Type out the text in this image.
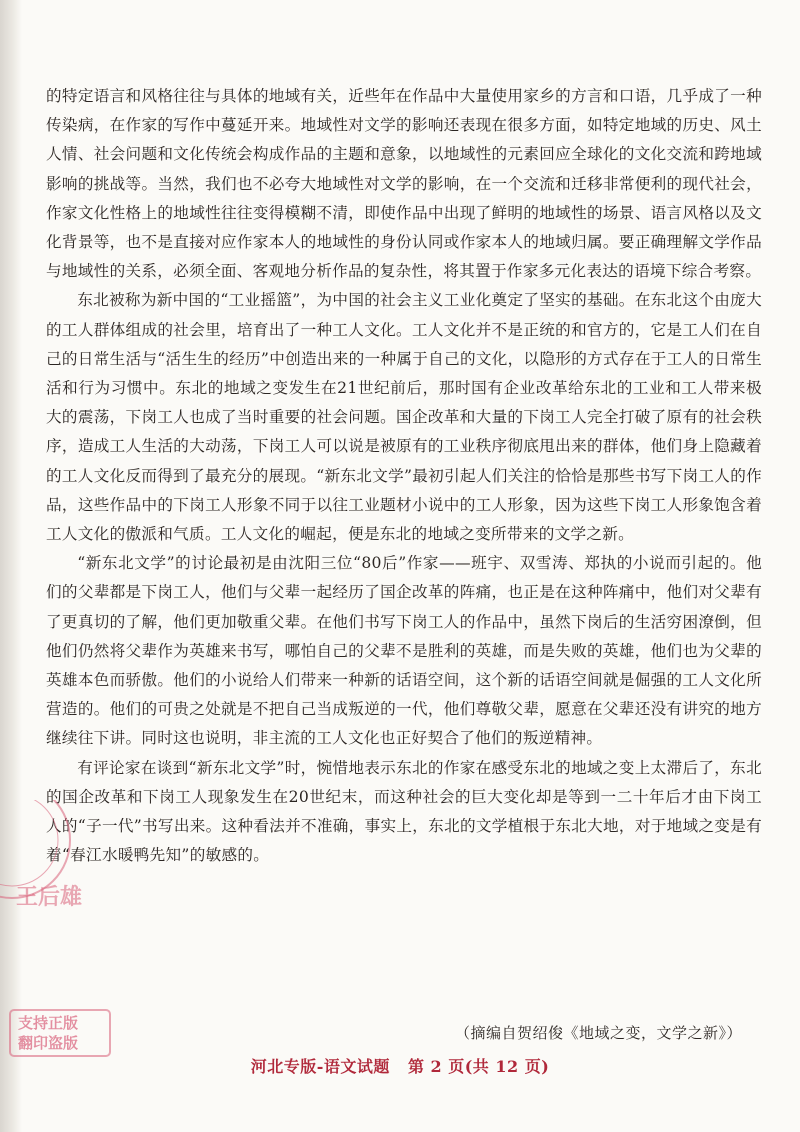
的特定语言和风格往往与具体的地域有关，近些年在作品中大量使用家乡的方言和口语，几乎成了一种传染病，在作家的写作中蔓延开来。地域性对文学的影响还表现在很多方面，如特定地域的历史、风土人情、社会问题和文化传统会构成作品的主题和意象，以地域性的元素回应全球化的文化交流和跨地域影响的挑战等。当然，我们也不必夸大地域性对文学的影响，在一个交流和迁移非常便利的现代社会，作家文化性格上的地域性往往变得模糊不清，即使作品中出现了鲜明的地域性的场景、语言风格以及文化背景等，也不是直接对应作家本人的地域性的身份认同或作家本人的地域归属。要正确理解文学作品与地域性的关系，必须全面、客观地分析作品的复杂性，将其置于作家多元化表达的语境下综合考察。

东北被称为新中国的“工业摇篮”，为中国的社会主义工业化奠定了坚实的基础。在东北这个由庞大的工人群体组成的社会里，培育出了一种工人文化。工人文化并不是正统的和官方的，它是工人们在自己的日常生活与“活生生的经历”中创造出来的一种属于自己的文化，以隐形的方式存在于工人的日常生活和行为习惯中。东北的地域之变发生在21世纪前后，那时国有企业改革给东北的工业和工人带来极大的震荡，下岗工人也成了当时重要的社会问题。国企改革和大量的下岗工人完全打破了原有的社会秩序，造成工人生活的大动荡，下岗工人可以说是被原有的工业秩序彻底甩出来的群体，他们身上隐藏着的工人文化反而得到了最充分的展现。“新东北文学”最初引起人们关注的恰恰是那些书写下岗工人的作品，这些作品中的下岗工人形象不同于以往工业题材小说中的工人形象，因为这些下岗工人形象饱含着工人文化的傲派和气质。工人文化的崛起，便是东北的地域之变所带来的文学之新。

“新东北文学”的讨论最初是由沈阳三位“80后”作家——班宇、双雪涛、郑执的小说而引起的。他们的父辈都是下岗工人，他们与父辈一起经历了国企改革的阵痛，也正是在这种阵痛中，他们对父辈有了更真切的了解，他们更加敬重父辈。在他们书写下岗工人的作品中，虽然下岗后的生活穷困潦倒，但他们仍然将父辈作为英雄来书写，哪怕自己的父辈不是胜利的英雄，而是失败的英雄，他们也为父辈的英雄本色而骄傲。他们的小说给人们带来一种新的话语空间，这个新的话语空间就是倔强的工人文化所营造的。他们的可贵之处就是不把自己当成叛逆的一代，他们尊敬父辈，愿意在父辈还没有讲究的地方继续往下讲。同时这也说明，非主流的工人文化也正好契合了他们的叛逆精神。

有评论家在谈到“新东北文学”时，惋惜地表示东北的作家在感受东北的地域之变上太滞后了，东北的国企改革和下岗工人现象发生在20世纪末，而这种社会的巨大变化却是等到一二十年后才由下岗工人的“子一代”书写出来。这种看法并不准确，事实上，东北的文学植根于东北大地，对于地域之变是有着“春江水暖鸭先知”的敏感的。

（摘编自贺绍俊《地域之变，文学之新》）
河北专版-语文试题 第 2 页(共 12 页)
王后雄
支持正版
翻印盗版
